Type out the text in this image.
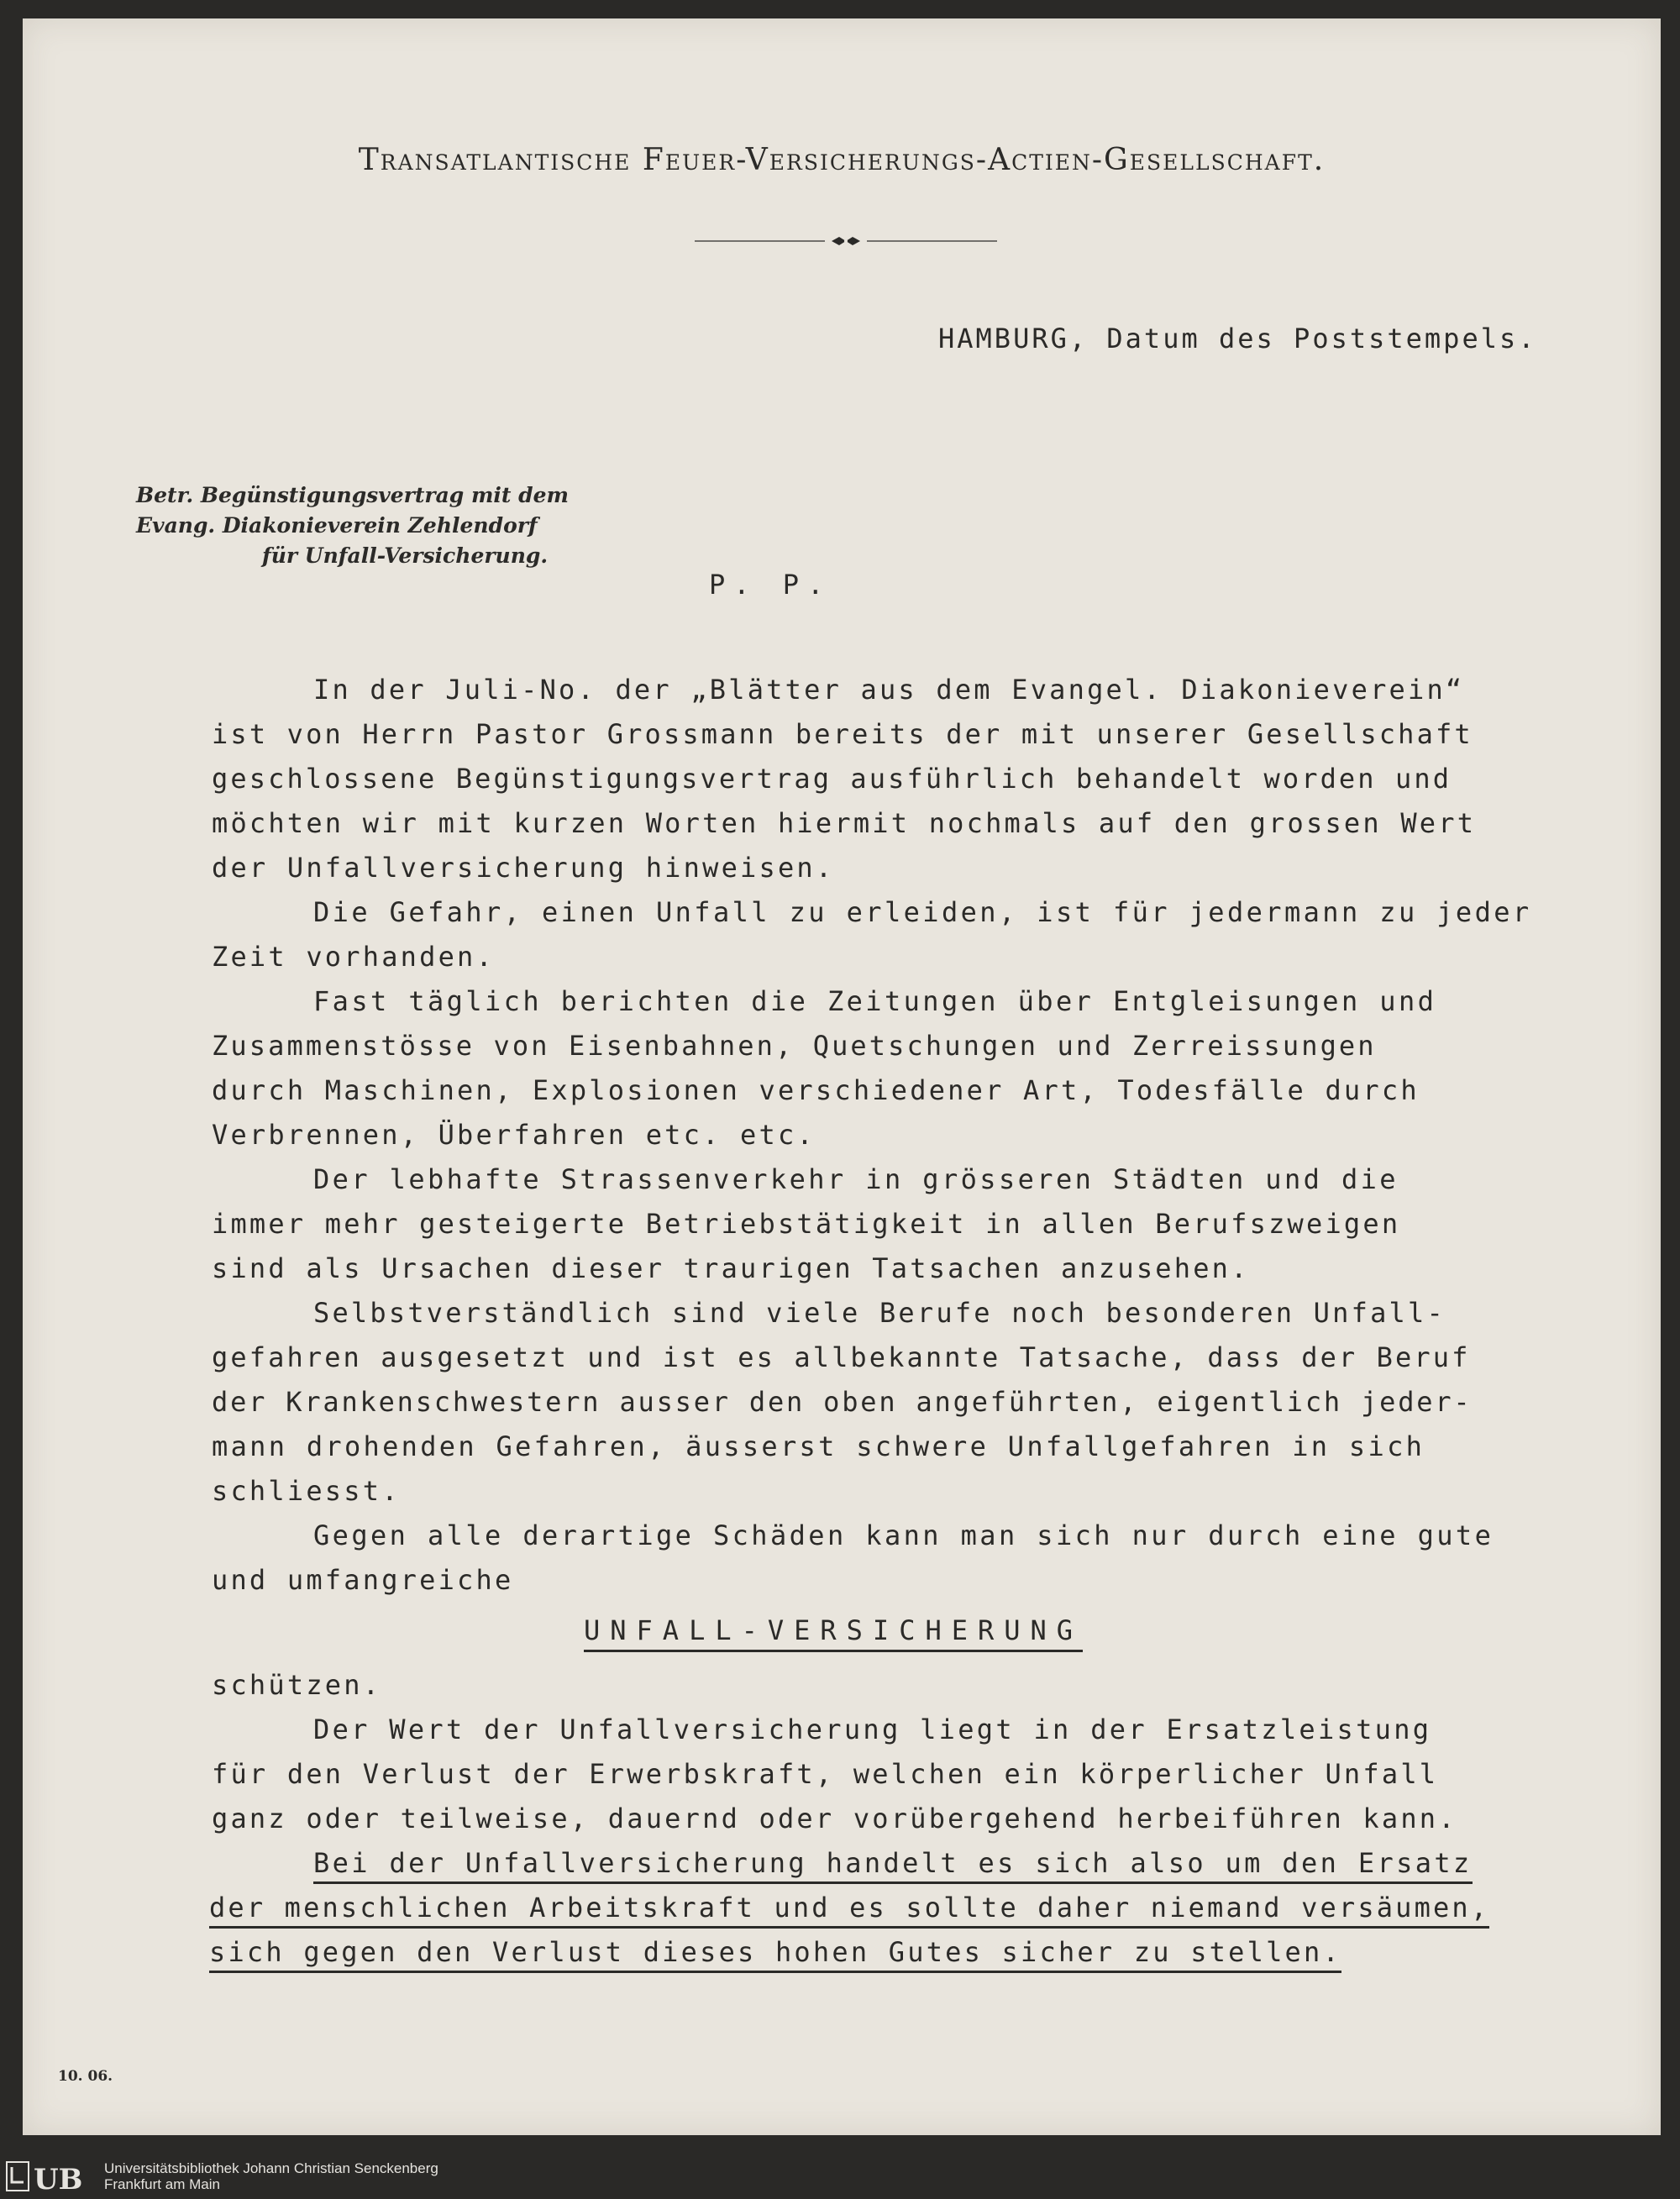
Transatlantische Feuer-Versicherungs-Actien-Gesellschaft.
HAMBURG, Datum des Poststempels.
Betr. Begünstigungsvertrag mit dem
Evang. Diakonieverein Zehlendorf
für Unfall-Versicherung.
P. P.
In der Juli-No. der „Blätter aus dem Evangel. Diakonieverein“
ist von Herrn Pastor Grossmann bereits der mit unserer Gesellschaft
geschlossene Begünstigungsvertrag ausführlich behandelt worden und
möchten wir mit kurzen Worten hiermit nochmals auf den grossen Wert
der Unfallversicherung hinweisen.
Die Gefahr, einen Unfall zu erleiden, ist für jedermann zu jeder
Zeit vorhanden.
Fast täglich berichten die Zeitungen über Entgleisungen und
Zusammenstösse von Eisenbahnen, Quetschungen und Zerreissungen
durch Maschinen, Explosionen verschiedener Art, Todesfälle durch
Verbrennen, Überfahren etc. etc.
Der lebhafte Strassenverkehr in grösseren Städten und die
immer mehr gesteigerte Betriebstätigkeit in allen Berufszweigen
sind als Ursachen dieser traurigen Tatsachen anzusehen.
Selbstverständlich sind viele Berufe noch besonderen Unfall-
gefahren ausgesetzt und ist es allbekannte Tatsache, dass der Beruf
der Krankenschwestern ausser den oben angeführten, eigentlich jeder-
mann drohenden Gefahren, äusserst schwere Unfallgefahren in sich
schliesst.
Gegen alle derartige Schäden kann man sich nur durch eine gute
und umfangreiche
UNFALL-VERSICHERUNG
schützen.
Der Wert der Unfallversicherung liegt in der Ersatzleistung
für den Verlust der Erwerbskraft, welchen ein körperlicher Unfall
ganz oder teilweise, dauernd oder vorübergehend herbeiführen kann.
Bei der Unfallversicherung handelt es sich also um den Ersatz
der menschlichen Arbeitskraft und es sollte daher niemand versäumen,
sich gegen den Verlust dieses hohen Gutes sicher zu stellen.
10. 06.
UB Universitätsbibliothek Johann Christian Senckenberg
Frankfurt am Main
